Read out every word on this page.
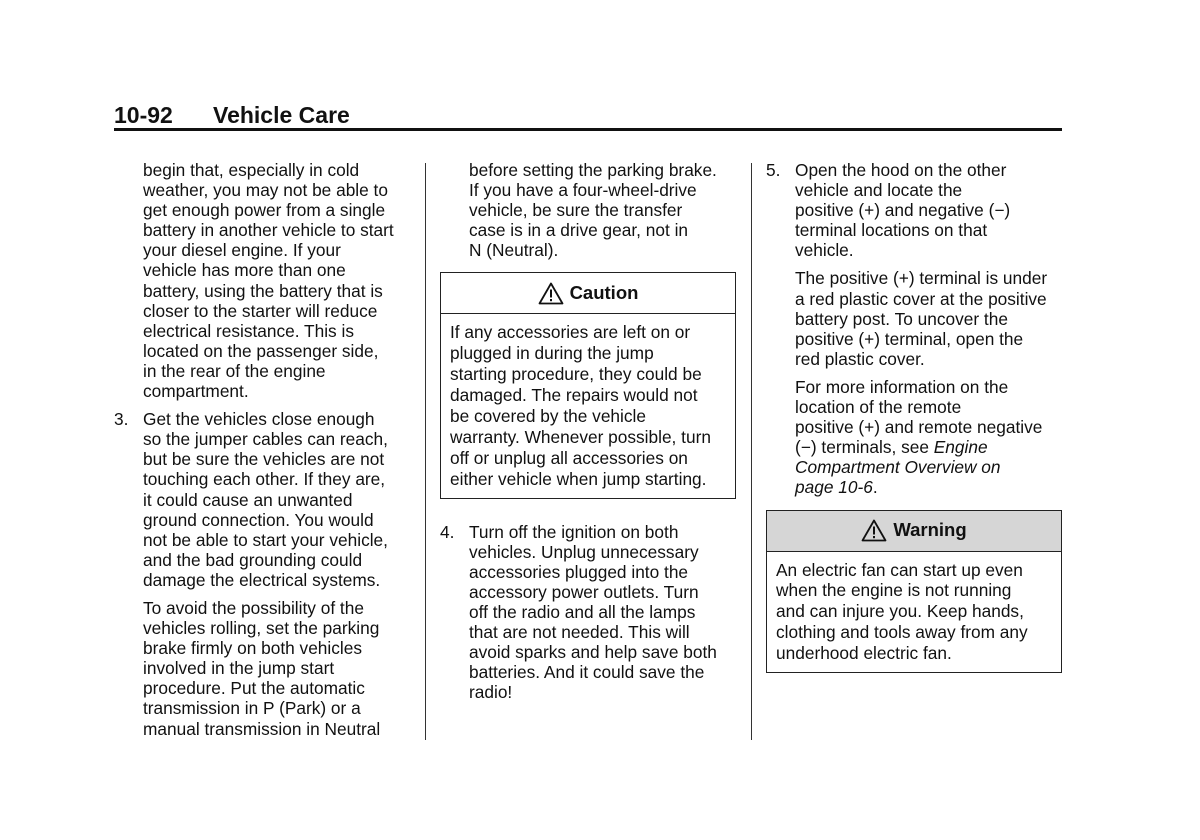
10-92 Vehicle Care
begin that, especially in cold
weather, you may not be able to
get enough power from a single
battery in another vehicle to start
your diesel engine. If your
vehicle has more than one
battery, using the battery that is
closer to the starter will reduce
electrical resistance. This is
located on the passenger side,
in the rear of the engine
compartment.
3. Get the vehicles close enough
so the jumper cables can reach,
but be sure the vehicles are not
touching each other. If they are,
it could cause an unwanted
ground connection. You would
not be able to start your vehicle,
and the bad grounding could
damage the electrical systems.
To avoid the possibility of the
vehicles rolling, set the parking
brake firmly on both vehicles
involved in the jump start
procedure. Put the automatic
transmission in P (Park) or a
manual transmission in Neutral
before setting the parking brake.
If you have a four-wheel-drive
vehicle, be sure the transfer
case is in a drive gear, not in
N (Neutral).
Caution
If any accessories are left on or
plugged in during the jump
starting procedure, they could be
damaged. The repairs would not
be covered by the vehicle
warranty. Whenever possible, turn
off or unplug all accessories on
either vehicle when jump starting.
4. Turn off the ignition on both
vehicles. Unplug unnecessary
accessories plugged into the
accessory power outlets. Turn
off the radio and all the lamps
that are not needed. This will
avoid sparks and help save both
batteries. And it could save the
radio!
5. Open the hood on the other
vehicle and locate the
positive (+) and negative (−)
terminal locations on that
vehicle.
The positive (+) terminal is under
a red plastic cover at the positive
battery post. To uncover the
positive (+) terminal, open the
red plastic cover.
For more information on the
location of the remote
positive (+) and remote negative
(−) terminals, see Engine
Compartment Overview on
page 10-6.
Warning
An electric fan can start up even
when the engine is not running
and can injure you. Keep hands,
clothing and tools away from any
underhood electric fan.
